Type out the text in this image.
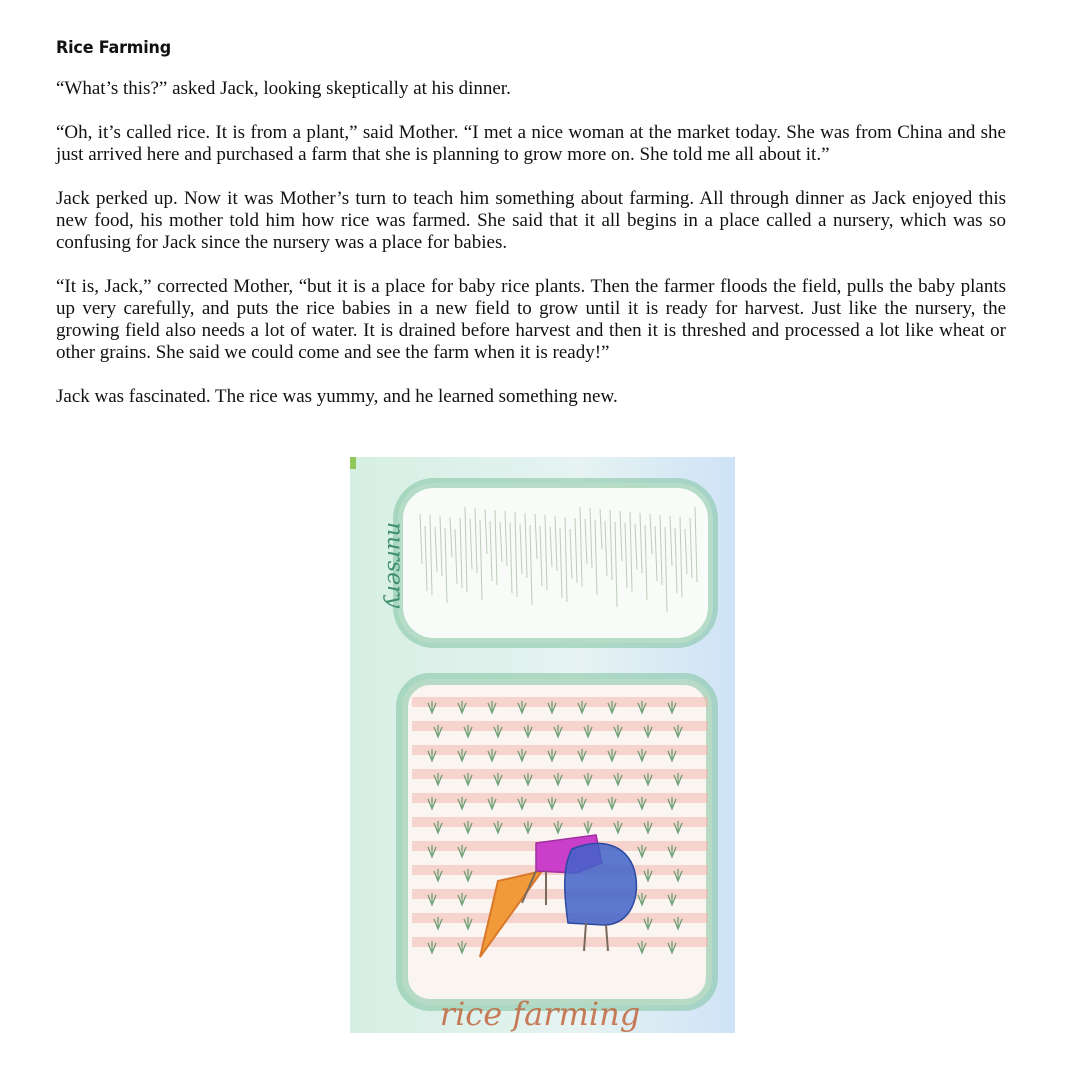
Rice Farming

“What’s this?” asked Jack, looking skeptically at his dinner.

“Oh, it’s called rice. It is from a plant,” said Mother. “I met a nice woman at the market today. She was from China and she just arrived here and purchased a farm that she is planning to grow more on. She told me all about it.”

Jack perked up. Now it was Mother’s turn to teach him something about farming. All through dinner as Jack enjoyed this new food, his mother told him how rice was farmed. She said that it all begins in a place called a nursery, which was so confusing for Jack since the nursery was a place for babies.

“It is, Jack,” corrected Mother, “but it is a place for baby rice plants. Then the farmer floods the field, pulls the baby plants up very carefully, and puts the rice babies in a new field to grow until it is ready for harvest. Just like the nursery, the growing field also needs a lot of water. It is drained before harvest and then it is threshed and processed a lot like wheat or other grains. She said we could come and see the farm when it is ready!”

Jack was fascinated. The rice was yummy, and he learned something new.

nursery
rice farming
